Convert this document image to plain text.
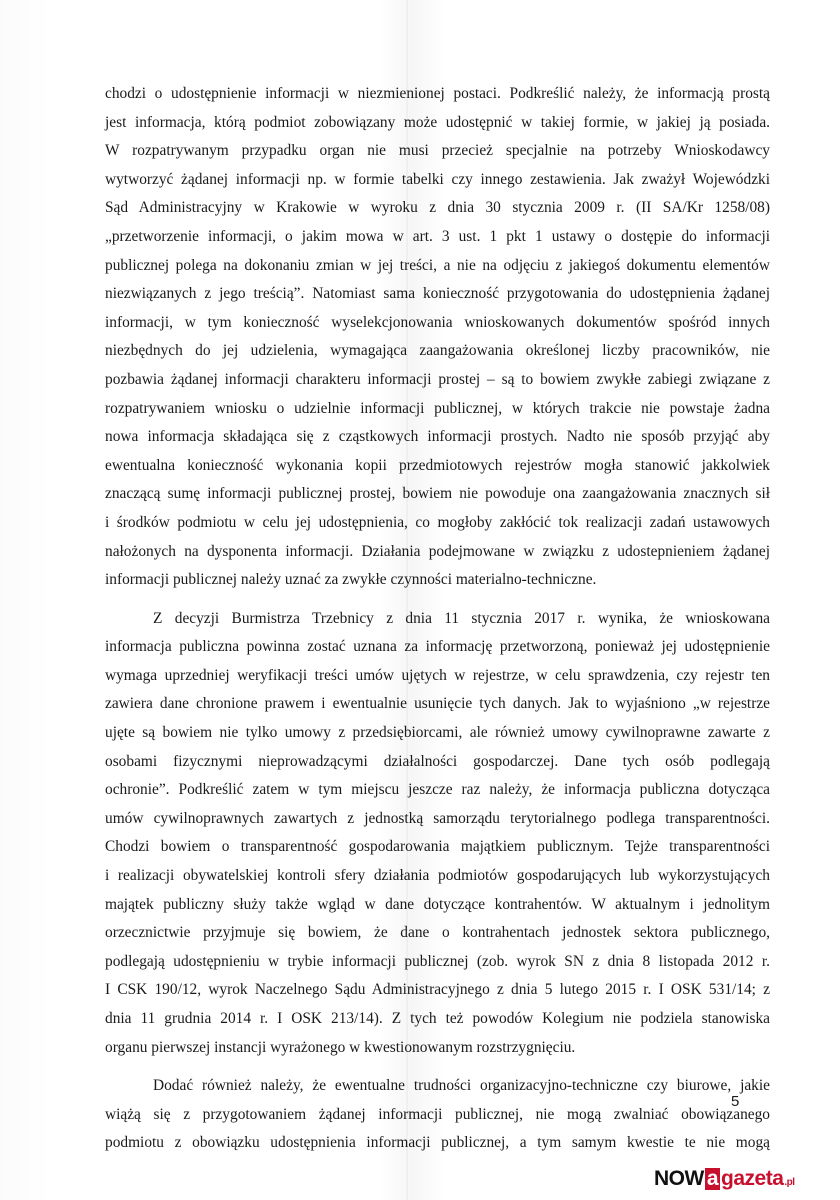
chodzi o udostępnienie informacji w niezmienionej postaci. Podkreślić należy, że informacją prostą
jest informacja, którą podmiot zobowiązany może udostępnić w takiej formie, w jakiej ją posiada.
W rozpatrywanym przypadku organ nie musi przecież specjalnie na potrzeby Wnioskodawcy
wytworzyć żądanej informacji np. w formie tabelki czy innego zestawienia. Jak zważył Wojewódzki
Sąd Administracyjny w Krakowie w wyroku z dnia 30 stycznia 2009 r. (II SA/Kr 1258/08)
„przetworzenie informacji, o jakim mowa w art. 3 ust. 1 pkt 1 ustawy o dostępie do informacji
publicznej polega na dokonaniu zmian w jej treści, a nie na odjęciu z jakiegoś dokumentu elementów
niezwiązanych z jego treścią”. Natomiast sama konieczność przygotowania do udostępnienia żądanej
informacji, w tym konieczność wyselekcjonowania wnioskowanych dokumentów spośród innych
niezbędnych do jej udzielenia, wymagająca zaangażowania określonej liczby pracowników, nie
pozbawia żądanej informacji charakteru informacji prostej – są to bowiem zwykłe zabiegi związane z
rozpatrywaniem wniosku o udzielnie informacji publicznej, w których trakcie nie powstaje żadna
nowa informacja składająca się z cząstkowych informacji prostych. Nadto nie sposób przyjąć aby
ewentualna konieczność wykonania kopii przedmiotowych rejestrów mogła stanowić jakkolwiek
znaczącą sumę informacji publicznej prostej, bowiem nie powoduje ona zaangażowania znacznych sił
i środków podmiotu w celu jej udostępnienia, co mogłoby zakłócić tok realizacji zadań ustawowych
nałożonych na dysponenta informacji. Działania podejmowane w związku z udostepnieniem żądanej
informacji publicznej należy uznać za zwykłe czynności materialno-techniczne.

Z decyzji Burmistrza Trzebnicy z dnia 11 stycznia 2017 r. wynika, że wnioskowana
informacja publiczna powinna zostać uznana za informację przetworzoną, ponieważ jej udostępnienie
wymaga uprzedniej weryfikacji treści umów ujętych w rejestrze, w celu sprawdzenia, czy rejestr ten
zawiera dane chronione prawem i ewentualnie usunięcie tych danych. Jak to wyjaśniono „w rejestrze
ujęte są bowiem nie tylko umowy z przedsiębiorcami, ale również umowy cywilnoprawne zawarte z
osobami fizycznymi nieprowadzącymi działalności gospodarczej. Dane tych osób podlegają
ochronie”. Podkreślić zatem w tym miejscu jeszcze raz należy, że informacja publiczna dotycząca
umów cywilnoprawnych zawartych z jednostką samorządu terytorialnego podlega transparentności.
Chodzi bowiem o transparentność gospodarowania majątkiem publicznym. Tejże transparentności
i realizacji obywatelskiej kontroli sfery działania podmiotów gospodarujących lub wykorzystujących
majątek publiczny służy także wgląd w dane dotyczące kontrahentów. W aktualnym i jednolitym
orzecznictwie przyjmuje się bowiem, że dane o kontrahentach jednostek sektora publicznego,
podlegają udostępnieniu w trybie informacji publicznej (zob. wyrok SN z dnia 8 listopada 2012 r.
I CSK 190/12, wyrok Naczelnego Sądu Administracyjnego z dnia 5 lutego 2015 r. I OSK 531/14; z
dnia 11 grudnia 2014 r. I OSK 213/14). Z tych też powodów Kolegium nie podziela stanowiska
organu pierwszej instancji wyrażonego w kwestionowanym rozstrzygnięciu.

Dodać również należy, że ewentualne trudności organizacyjno-techniczne czy biurowe, jakie
wiążą się z przygotowaniem żądanej informacji publicznej, nie mogą zwalniać obowiązanego
podmiotu z obowiązku udostępnienia informacji publicznej, a tym samym kwestie te nie mogą

5
NOW a gazeta .pl
